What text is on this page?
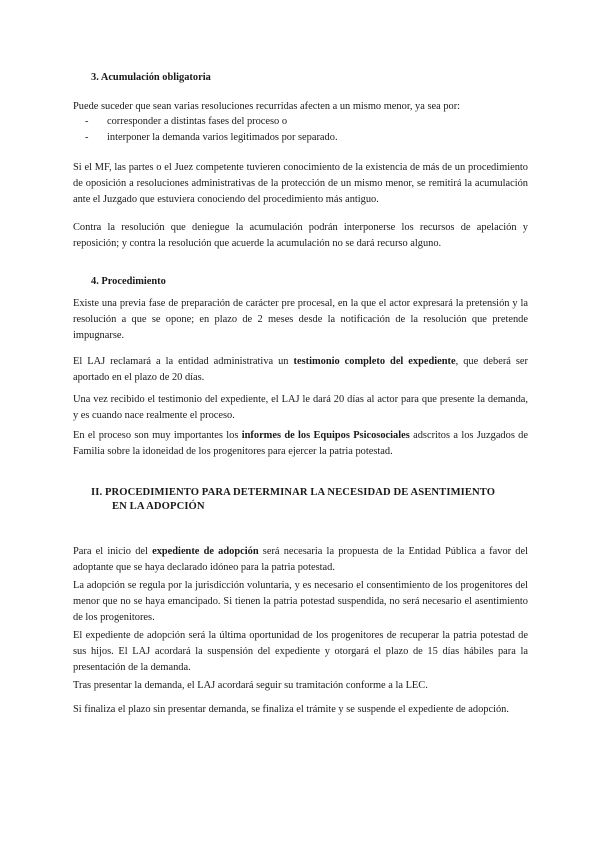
3. Acumulación obligatoria

Puede suceder que sean varias resoluciones recurridas afecten a un mismo menor, ya sea por:

- corresponder a distintas fases del proceso o
- interponer la demanda varios legitimados por separado.

Si el MF, las partes o el Juez competente tuvieren conocimiento de la existencia de más de un procedimiento de oposición a resoluciones administrativas de la protección de un mismo menor, se remitirá la acumulación ante el Juzgado que estuviera conociendo del procedimiento más antiguo.

Contra la resolución que deniegue la acumulación podrán interponerse los recursos de apelación y reposición; y contra la resolución que acuerde la acumulación no se dará recurso alguno.

4. Procedimiento

Existe una previa fase de preparación de carácter pre procesal, en la que el actor expresará la pretensión y la resolución a que se opone; en plazo de 2 meses desde la notificación de la resolución que pretende impugnarse.

El LAJ reclamará a la entidad administrativa un testimonio completo del expediente, que deberá ser aportado en el plazo de 20 días.

Una vez recibido el testimonio del expediente, el LAJ le dará 20 días al actor para que presente la demanda, y es cuando nace realmente el proceso.

En el proceso son muy importantes los informes de los Equipos Psicosociales adscritos a los Juzgados de Familia sobre la idoneidad de los progenitores para ejercer la patria potestad.

II. PROCEDIMIENTO PARA DETERMINAR LA NECESIDAD DE ASENTIMIENTO
EN LA ADOPCIÓN

Para el inicio del expediente de adopción será necesaria la propuesta de la Entidad Pública a favor del adoptante que se haya declarado idóneo para la patria potestad.

La adopción se regula por la jurisdicción voluntaria, y es necesario el consentimiento de los progenitores del menor que no se haya emancipado. Si tienen la patria potestad suspendida, no será necesario el asentimiento de los progenitores.

El expediente de adopción será la última oportunidad de los progenitores de recuperar la patria potestad de sus hijos. El LAJ acordará la suspensión del expediente y otorgará el plazo de 15 días hábiles para la presentación de la demanda.

Tras presentar la demanda, el LAJ acordará seguir su tramitación conforme a la LEC.

Si finaliza el plazo sin presentar demanda, se finaliza el trámite y se suspende el expediente de adopción.
